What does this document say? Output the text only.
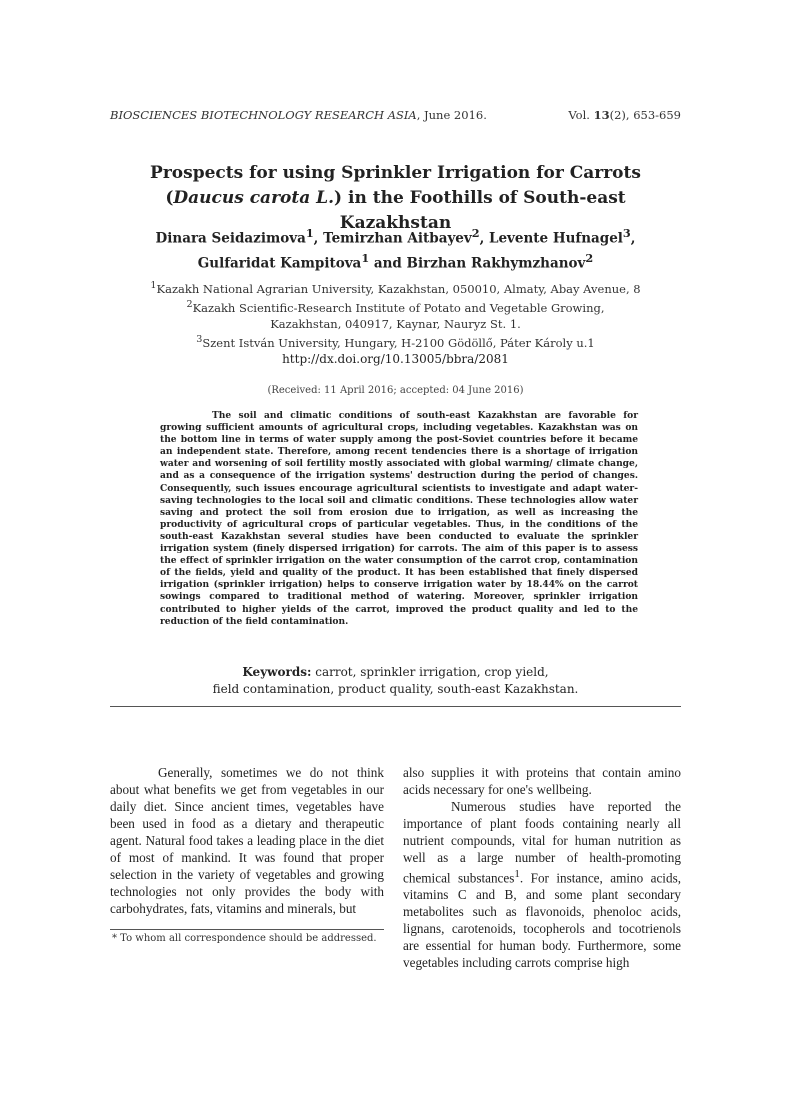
BIOSCIENCES BIOTECHNOLOGY RESEARCH ASIA, June 2016.	Vol. 13(2), 653-659
Prospects for using Sprinkler Irrigation for Carrots
(Daucus carota L.) in the Foothills of South-east Kazakhstan
Dinara Seidazimova$^1$, Temirzhan Aitbayev$^2$, Levente Hufnagel$^3$,
Gulfaridat Kampitova$^1$ and Birzhan Rakhymzhanov$^2$
$^1$Kazakh National Agrarian University, Kazakhstan, 050010, Almaty, Abay Avenue, 8
$^2$Kazakh Scientific-Research Institute of Potato and Vegetable Growing,
Kazakhstan, 040917, Kaynar, Nauryz St. 1.
$^3$Szent István University, Hungary, H-2100 Gödöllő, Páter Károly u.1
http://dx.doi.org/10.13005/bbra/2081
(Received: 11 April 2016; accepted: 04 June 2016)
The soil and climatic conditions of south-east Kazakhstan are favorable for growing sufficient amounts of agricultural crops, including vegetables. Kazakhstan was on the bottom line in terms of water supply among the post-Soviet countries before it became an independent state. Therefore, among recent tendencies there is a shortage of irrigation water and worsening of soil fertility mostly associated with global warming/ climate change, and as a consequence of the irrigation systems' destruction during the period of changes. Consequently, such issues encourage agricultural scientists to investigate and adapt water-saving technologies to the local soil and climatic conditions. These technologies allow water saving and protect the soil from erosion due to irrigation, as well as increasing the productivity of agricultural crops of particular vegetables. Thus, in the conditions of the south-east Kazakhstan several studies have been conducted to evaluate the sprinkler irrigation system (finely dispersed irrigation) for carrots. The aim of this paper is to assess the effect of sprinkler irrigation on the water consumption of the carrot crop, contamination of the fields, yield and quality of the product. It has been established that finely dispersed irrigation (sprinkler irrigation) helps to conserve irrigation water by 18.44% on the carrot sowings compared to traditional method of watering. Moreover, sprinkler irrigation contributed to higher yields of the carrot, improved the product quality and led to the reduction of the field contamination.
Keywords: carrot, sprinkler irrigation, crop yield,
field contamination, product quality, south-east Kazakhstan.

Generally, sometimes we do not think about what benefits we get from vegetables in our daily diet. Since ancient times, vegetables have been used in food as a dietary and therapeutic agent. Natural food takes a leading place in the diet of most of mankind. It was found that proper selection in the variety of vegetables and growing technologies not only provides the body with carbohydrates, fats, vitamins and minerals, but

* To whom all correspondence should be addressed.

also supplies it with proteins that contain amino acids necessary for one's wellbeing.

Numerous studies have reported the importance of plant foods containing nearly all nutrient compounds, vital for human nutrition as well as a large number of health-promoting chemical substances$^1$. For instance, amino acids, vitamins C and B, and some plant secondary metabolites such as flavonoids, phenoloc acids, lignans, carotenoids, tocopherols and tocotrienols are essential for human body. Furthermore, some vegetables including carrots comprise high
